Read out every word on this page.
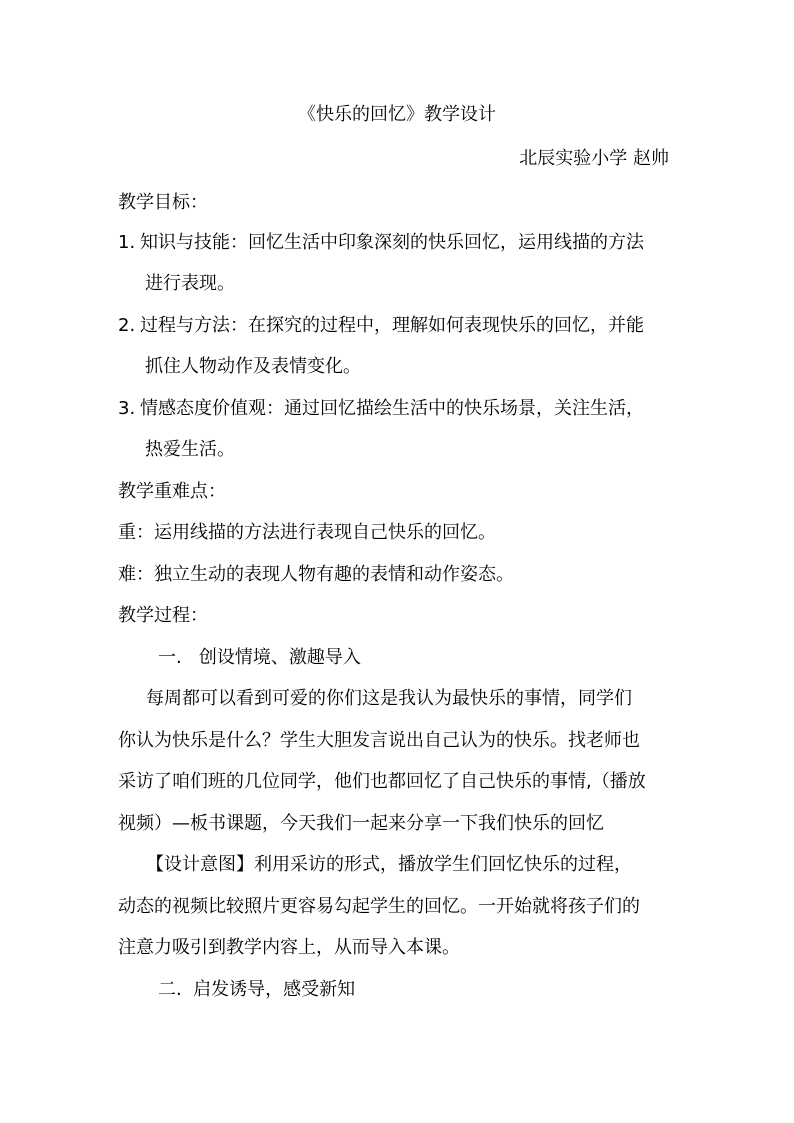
《快乐的回忆》教学设计
北辰实验小学 赵帅
教学目标：
1. 知识与技能：回忆生活中印象深刻的快乐回忆，运用线描的方法
进行表现。
2. 过程与方法：在探究的过程中，理解如何表现快乐的回忆，并能
抓住人物动作及表情变化。
3. 情感态度价值观：通过回忆描绘生活中的快乐场景，关注生活，
热爱生活。
教学重难点：
重：运用线描的方法进行表现自己快乐的回忆。
难：独立生动的表现人物有趣的表情和动作姿态。
教学过程：
一.   创设情境、激趣导入
每周都可以看到可爱的你们这是我认为最快乐的事情，同学们
你认为快乐是什么？学生大胆发言说出自己认为的快乐。找老师也
采访了咱们班的几位同学，他们也都回忆了自己快乐的事情,（播放
视频）—板书课题，今天我们一起来分享一下我们快乐的回忆
【设计意图】利用采访的形式，播放学生们回忆快乐的过程，
动态的视频比较照片更容易勾起学生的回忆。一开始就将孩子们的
注意力吸引到教学内容上，从而导入本课。
二.  启发诱导，感受新知
